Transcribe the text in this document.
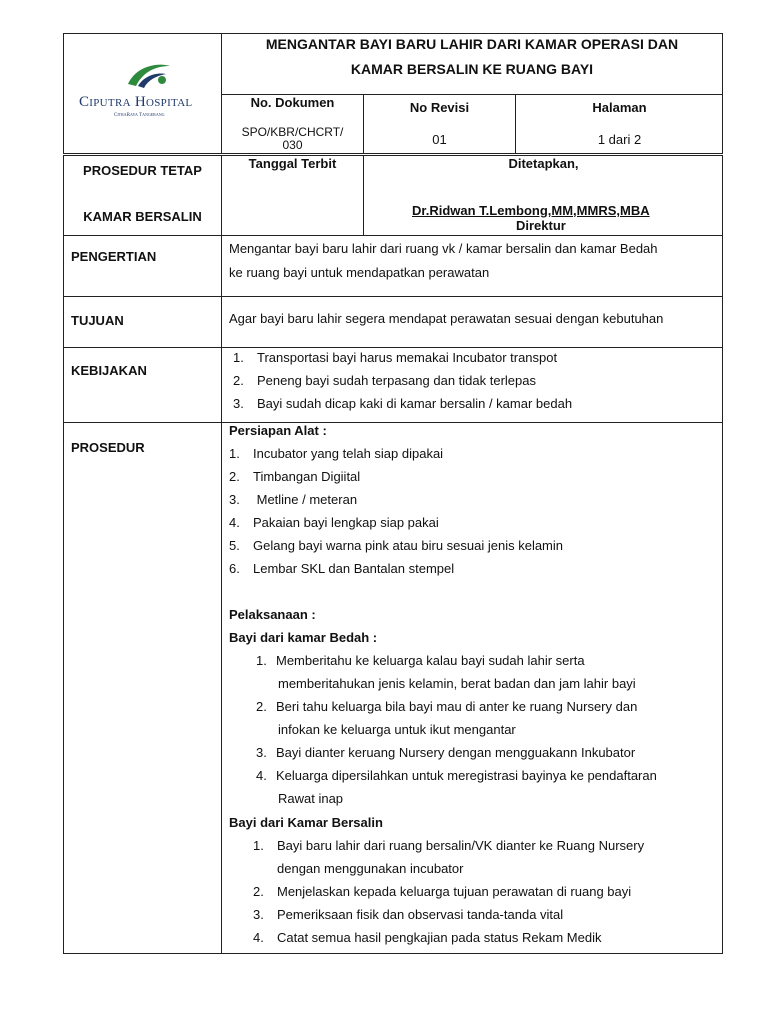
Ciputra Hospital
CitraRaya Tangerang
MENGANTAR BAYI BARU LAHIR DARI KAMAR OPERASI DAN
KAMAR BERSALIN KE RUANG BAYI
No. Dokumen
SPO/KBR/CHCRT/
030
No Revisi
01
Halaman
1 dari 2
PROSEDUR TETAP
KAMAR BERSALIN
Tanggal Terbit	Ditetapkan,
Dr.Ridwan T.Lembong,MM,MMRS,MBA
Direktur
PENGERTIAN
Mengantar bayi baru lahir dari ruang vk / kamar bersalin dan kamar Bedah
ke ruang bayi untuk mendapatkan perawatan
TUJUAN	Agar bayi baru lahir segera mendapat perawatan sesuai dengan kebutuhan
KEBIJAKAN
1. Transportasi bayi harus memakai Incubator transpot
2. Peneng bayi sudah terpasang dan tidak terlepas
3. Bayi sudah dicap kaki di kamar bersalin / kamar bedah
PROSEDUR
Persiapan Alat :
1. Incubator yang telah siap dipakai
2. Timbangan Digiital
3. Metline / meteran
4. Pakaian bayi lengkap siap pakai
5. Gelang bayi warna pink atau biru sesuai jenis kelamin
6. Lembar SKL dan Bantalan stempel
Pelaksanaan :
Bayi dari kamar Bedah :
1. Memberitahu ke keluarga kalau bayi sudah lahir serta
memberitahukan jenis kelamin, berat badan dan jam lahir bayi
2. Beri tahu keluarga bila bayi mau di anter ke ruang Nursery dan
infokan ke keluarga untuk ikut mengantar
3. Bayi dianter keruang Nursery dengan mengguakann Inkubator
4. Keluarga dipersilahkan untuk meregistrasi bayinya ke pendaftaran
Rawat inap
Bayi dari Kamar Bersalin
1. Bayi baru lahir dari ruang bersalin/VK dianter ke Ruang Nursery
dengan menggunakan incubator
2. Menjelaskan kepada keluarga tujuan perawatan di ruang bayi
3. Pemeriksaan fisik dan observasi tanda-tanda vital
4. Catat semua hasil pengkajian pada status Rekam Medik
